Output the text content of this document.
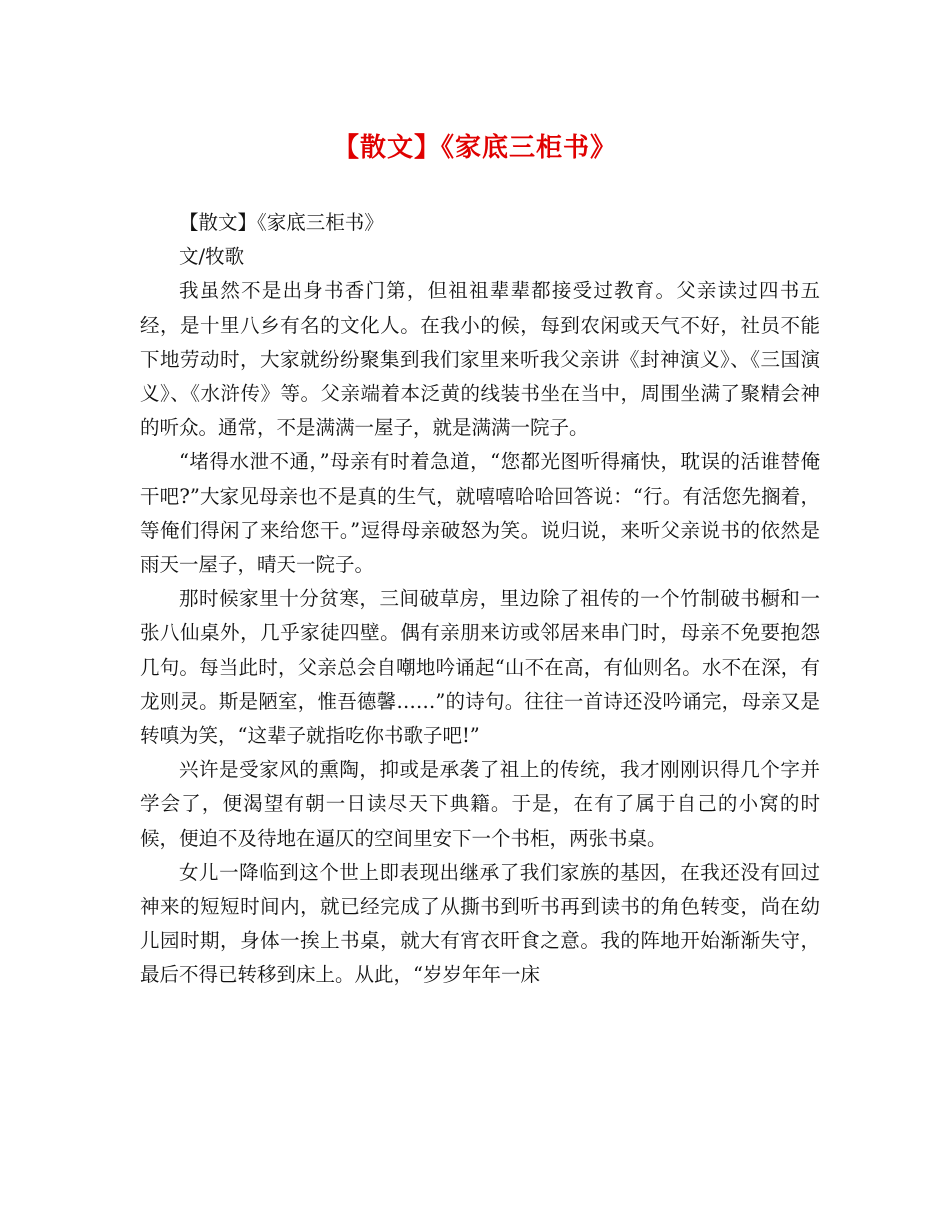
【散文】《家底三柜书》

【散文】《家底三柜书》

文/牧歌

我虽然不是出身书香门第，但祖祖辈辈都接受过教育。父亲读过四书五经，是十里八乡有名的文化人。在我小的候，每到农闲或天气不好，社员不能下地劳动时，大家就纷纷聚集到我们家里来听我父亲讲《封神演义》、《三国演义》、《水浒传》等。父亲端着本泛黄的线装书坐在当中，周围坐满了聚精会神的听众。通常，不是满满一屋子，就是满满一院子。

“堵得水泄不通，”母亲有时着急道，“您都光图听得痛快，耽误的活谁替俺干吧?”大家见母亲也不是真的生气，就嘻嘻哈哈回答说：“行。有活您先搁着，等俺们得闲了来给您干。”逗得母亲破怒为笑。说归说，来听父亲说书的依然是雨天一屋子，晴天一院子。

那时候家里十分贫寒，三间破草房，里边除了祖传的一个竹制破书橱和一张八仙桌外，几乎家徒四壁。偶有亲朋来访或邻居来串门时，母亲不免要抱怨几句。每当此时，父亲总会自嘲地吟诵起“山不在高，有仙则名。水不在深，有龙则灵。斯是陋室，惟吾德馨……”的诗句。往往一首诗还没吟诵完，母亲又是转嗔为笑，“这辈子就指吃你书歌子吧!”

兴许是受家风的熏陶，抑或是承袭了祖上的传统，我才刚刚识得几个字并学会了，便渴望有朝一日读尽天下典籍。于是，在有了属于自己的小窝的时候，便迫不及待地在逼仄的空间里安下一个书柜，两张书桌。

女儿一降临到这个世上即表现出继承了我们家族的基因，在我还没有回过神来的短短时间内，就已经完成了从撕书到听书再到读书的角色转变，尚在幼儿园时期，身体一挨上书桌，就大有宵衣旰食之意。我的阵地开始渐渐失守，最后不得已转移到床上。从此，“岁岁年年一床
